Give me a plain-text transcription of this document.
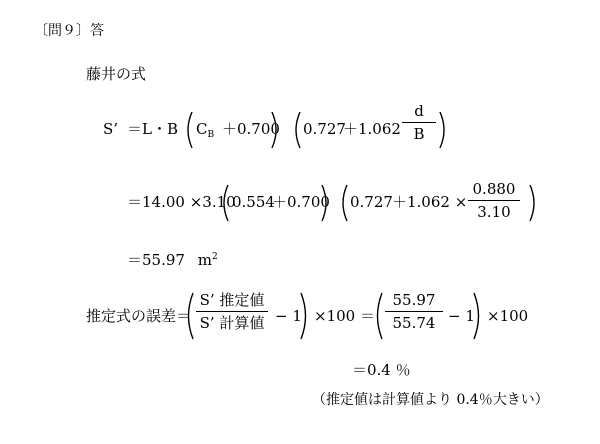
〔問９〕答
藤井の式
S’ ＝L・B $C_B +0.700$ 0.727
＋1.062
d
B
＝14.00 ×3.10
0.554
＋0.700 0.727 ＋1.062 ×
0.880
3.10
＝55.97 $m^2$
推定式の誤差＝
S’ 推定値
S’ 計算値 − 1 ×100 ＝
55.97
55.74 − 1 ×100
＝0.4 ％
（推定値は計算値より 0.4％大きい）
